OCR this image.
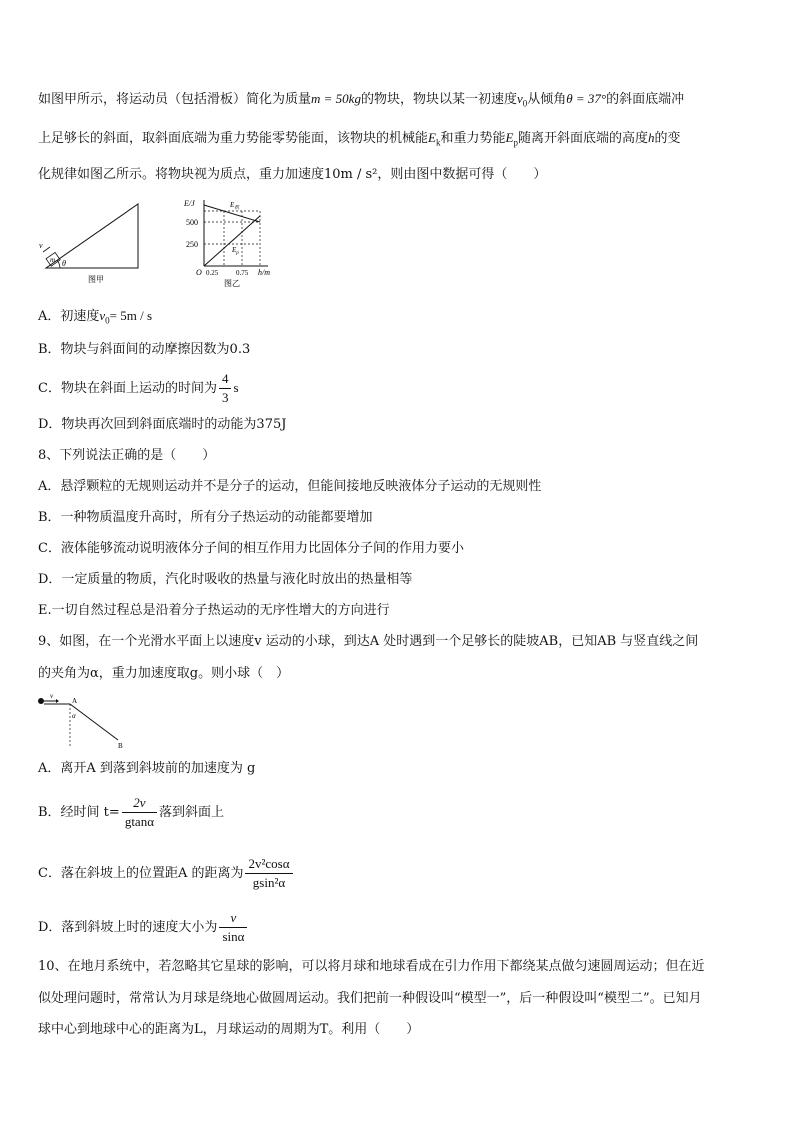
如图甲所示，将运动员（包括滑板）简化为质量m = 50kg的物块，物块以某一初速度$v_0$从倾角θ = 37°的斜面底端冲
上足够长的斜面，取斜面底端为重力势能零势能面，该物块的机械能$E_k$和重力势能$E_p$随离开斜面底端的高度h的变
化规律如图乙所示。将物块视为质点，重力加速度10m / s²，则由图中数据可得（　　）
m
v
θ
图甲
E/J
500
250
O 0.25	0.75 h/m
$E_机$
$E_p$
图乙
A．初速度$v_0= 5m / s$
B．物块与斜面间的动摩擦因数为0.3
C．物块在斜面上运动的时间为 $\frac{4}{3}$ s
D．物块再次回到斜面底端时的动能为375J
8、下列说法正确的是（　　）
A．悬浮颗粒的无规则运动并不是分子的运动，但能间接地反映液体分子运动的无规则性
B．一种物质温度升高时，所有分子热运动的动能都要增加
C．液体能够流动说明液体分子间的相互作用力比固体分子间的作用力要小
D．一定质量的物质，汽化时吸收的热量与液化时放出的热量相等
E.一切自然过程总是沿着分子热运动的无序性增大的方向进行
9、如图，在一个光滑水平面上以速度v 运动的小球，到达A 处时遇到一个足够长的陡坡AB，已知AB 与竖直线之间
的夹角为α，重力加速度取g。则小球（　）
v
A
α
B
A．离开A 到落到斜坡前的加速度为 g
B．经时间 $t= \frac{2v}{gtan\alpha}$ 落到斜面上
C．落在斜坡上的位置距A 的距离为 $\frac{\text{2v²cosα}}{\text{gsin²α}}$
D．落到斜坡上时的速度大小为 $\frac{v}{\sin\alpha}$
10、在地月系统中，若忽略其它星球的影响，可以将月球和地球看成在引力作用下都绕某点做匀速圆周运动；但在近
似处理问题时，常常认为月球是绕地心做圆周运动。我们把前一种假设叫“模型一”，后一种假设叫“模型二”。已知月
球中心到地球中心的距离为L，月球运动的周期为T。利用（　　）
